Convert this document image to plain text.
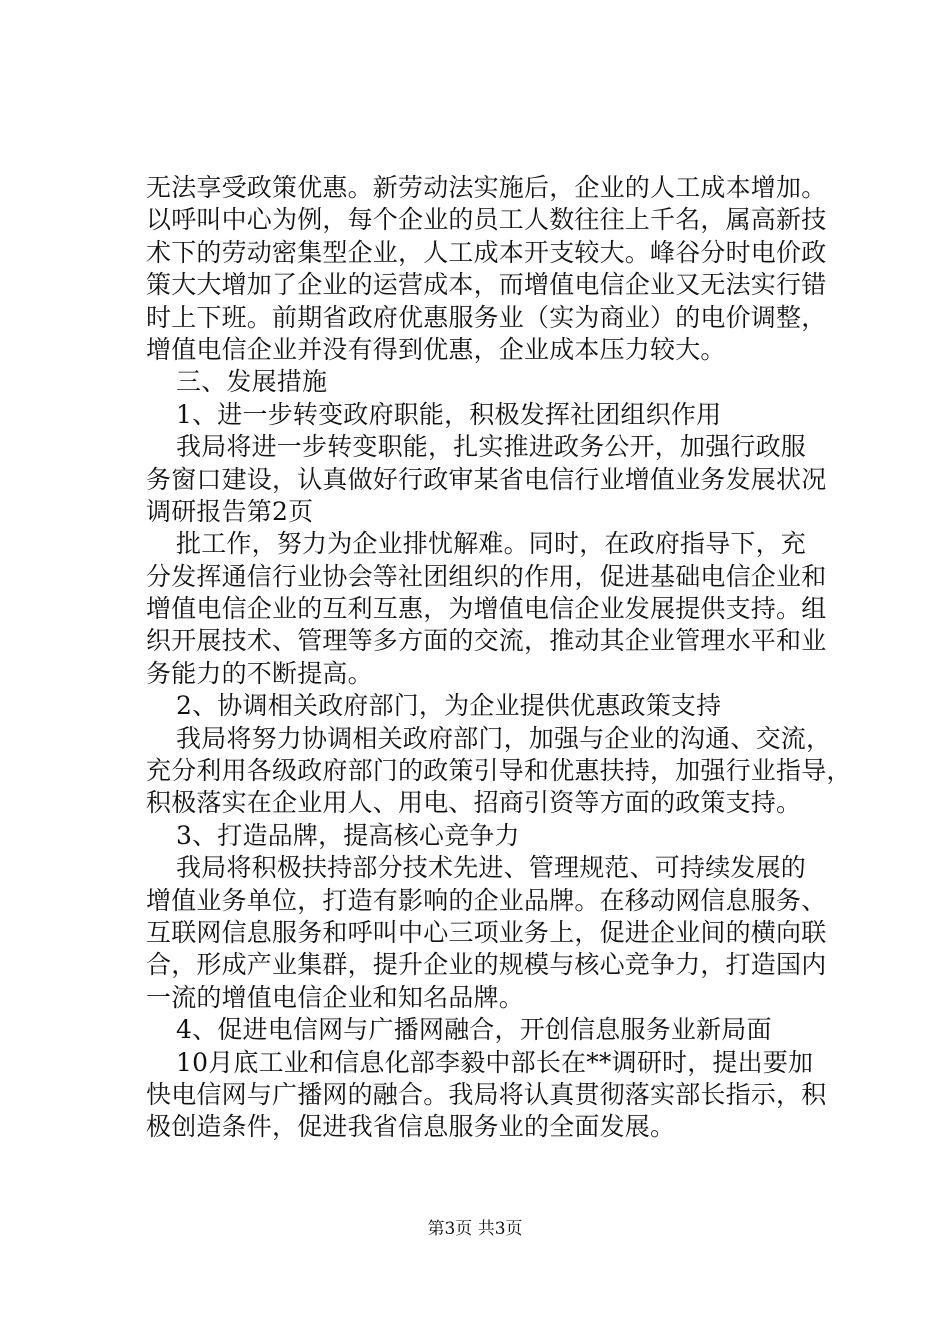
无法享受政策优惠。新劳动法实施后，企业的人工成本增加。
以呼叫中心为例，每个企业的员工人数往往上千名，属高新技
术下的劳动密集型企业，人工成本开支较大。峰谷分时电价政
策大大增加了企业的运营成本，而增值电信企业又无法实行错
时上下班。前期省政府优惠服务业（实为商业）的电价调整，
增值电信企业并没有得到优惠，企业成本压力较大。
三、发展措施
1、进一步转变政府职能，积极发挥社团组织作用
我局将进一步转变职能，扎实推进政务公开，加强行政服
务窗口建设，认真做好行政审某省电信行业增值业务发展状况
调研报告第2页
批工作，努力为企业排忧解难。同时，在政府指导下，充
分发挥通信行业协会等社团组织的作用，促进基础电信企业和
增值电信企业的互利互惠，为增值电信企业发展提供支持。组
织开展技术、管理等多方面的交流，推动其企业管理水平和业
务能力的不断提高。
2、协调相关政府部门，为企业提供优惠政策支持
我局将努力协调相关政府部门，加强与企业的沟通、交流，
充分利用各级政府部门的政策引导和优惠扶持，加强行业指导，
积极落实在企业用人、用电、招商引资等方面的政策支持。
3、打造品牌，提高核心竞争力
我局将积极扶持部分技术先进、管理规范、可持续发展的
增值业务单位，打造有影响的企业品牌。在移动网信息服务、
互联网信息服务和呼叫中心三项业务上，促进企业间的横向联
合，形成产业集群，提升企业的规模与核心竞争力，打造国内
一流的增值电信企业和知名品牌。
4、促进电信网与广播网融合，开创信息服务业新局面
10月底工业和信息化部李毅中部长在**调研时，提出要加
快电信网与广播网的融合。我局将认真贯彻落实部长指示，积
极创造条件，促进我省信息服务业的全面发展。
第3页 共3页
